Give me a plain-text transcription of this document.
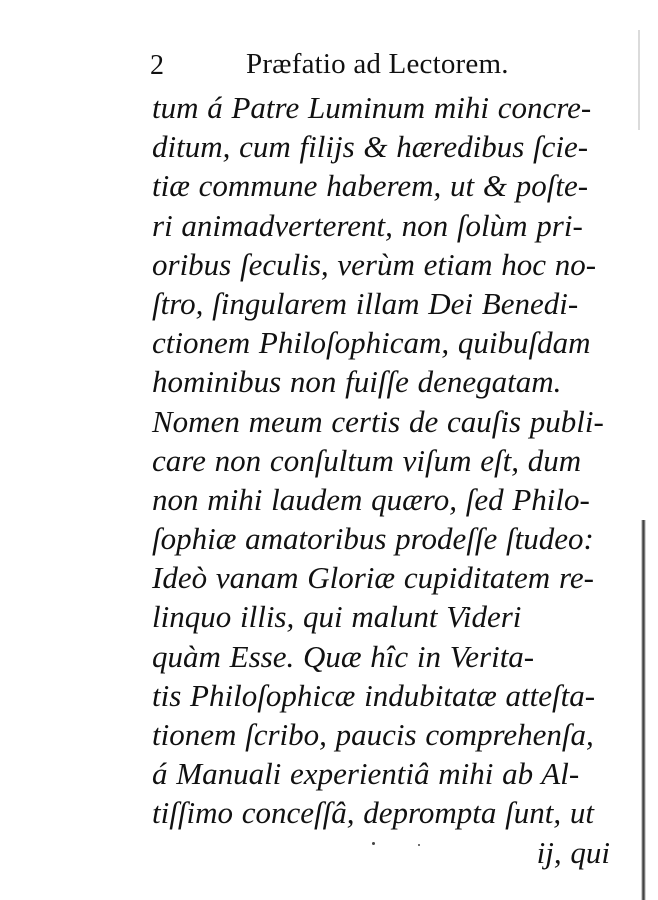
2	Præfatio ad Lectorem.
tum á Patre Luminum mihi concre-
ditum, cum filijs & hæredibus ſcie-
tiæ commune haberem, ut & poſte-
ri animadverterent, non ſolùm pri-
oribus ſeculis, verùm etiam hoc no-
ſtro, ſingularem illam Dei Benedi-
ctionem Philoſophicam, quibuſdam
hominibus non fuiſſe denegatam.
Nomen meum certis de cauſis publi-
care non conſultum viſum eſt, dum
non mihi laudem quæro, ſed Philo-
ſophiæ amatoribus prodeſſe ſtudeo:
Ideò vanam Gloriæ cupiditatem re-
linquo illis, qui malunt Videri
quàm Esse. Quæ hîc in Verita-
tis Philoſophicæ indubitatæ atteſta-
tionem ſcribo, paucis comprehenſa,
á Manuali experientiâ mihi ab Al-
tiſſimo conceſſâ, deprompta ſunt, ut
ij, qui
